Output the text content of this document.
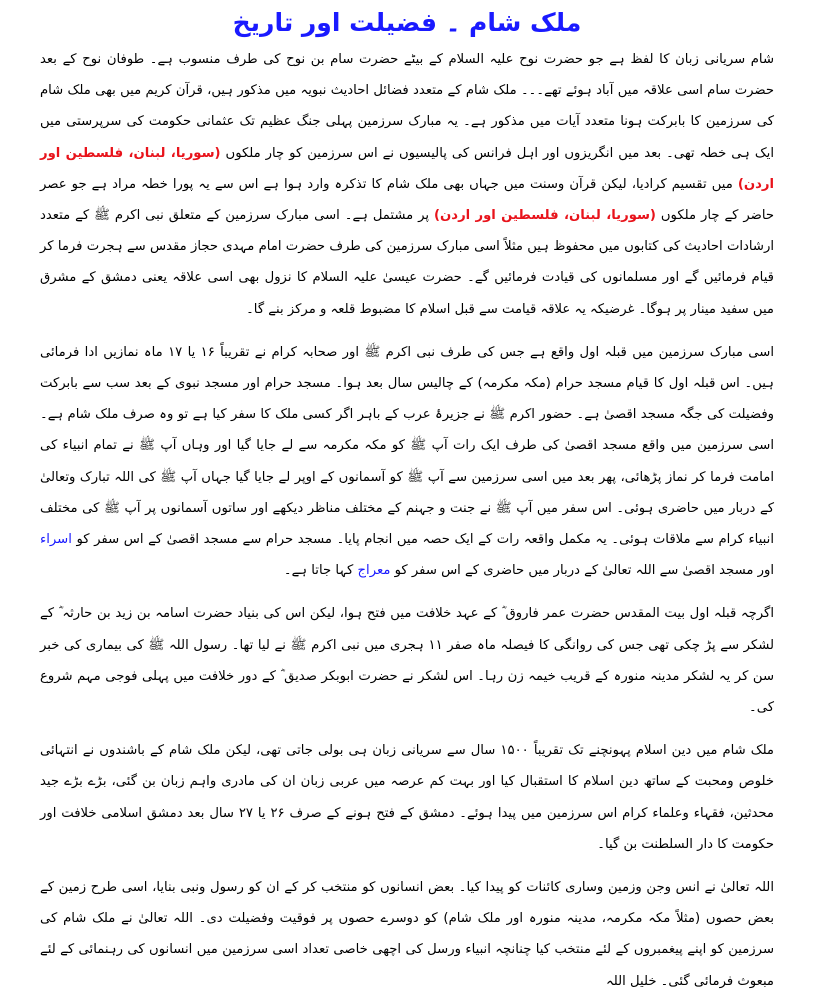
ملک شام ۔ فضیلت اور تاریخ

شام سریانی زبان کا لفظ ہے جو حضرت نوح علیہ السلام کے بیٹے حضرت سام بن نوح کی طرف منسوب ہے۔ طوفان نوح کے بعد حضرت سام اسی علاقہ میں آباد ہوئے تھے۔۔۔ ملک شام کے متعدد فضائل احادیث نبویہ میں مذکور ہیں، قرآن کریم میں بھی ملک شام کی سرزمین کا بابرکت ہونا متعدد آیات میں مذکور ہے۔ یہ مبارک سرزمین پہلی جنگ عظیم تک عثمانی حکومت کی سرپرستی میں ایک ہی خطہ تھی۔ بعد میں انگریزوں اور اہل فرانس کی پالیسیوں نے اس سرزمین کو چار ملکوں (سوریا، لبنان، فلسطین اور اردن) میں تقسیم کرادیا، لیکن قرآن وسنت میں جہاں بھی ملک شام کا تذکرہ وارد ہوا ہے اس سے یہ پورا خطہ مراد ہے جو عصر حاضر کے چار ملکوں (سوریا، لبنان، فلسطین اور اردن) پر مشتمل ہے۔ اسی مبارک سرزمین کے متعلق نبی اکرم ﷺ کے متعدد ارشادات احادیث کی کتابوں میں محفوظ ہیں مثلاً اسی مبارک سرزمین کی طرف حضرت امام مہدی حجاز مقدس سے ہجرت فرما کر قیام فرمائیں گے اور مسلمانوں کی قیادت فرمائیں گے۔ حضرت عیسیٰ علیہ السلام کا نزول بھی اسی علاقہ یعنی دمشق کے مشرق میں سفید مینار پر ہوگا۔ غرضیکہ یہ علاقہ قیامت سے قبل اسلام کا مضبوط قلعہ و مرکز بنے گا۔

اسی مبارک سرزمین میں قبلہ اول واقع ہے جس کی طرف نبی اکرم ﷺ اور صحابہ کرام نے تقریباً ۱۶ یا ۱۷ ماہ نمازیں ادا فرمائی ہیں۔ اس قبلہ اول کا قیام مسجد حرام (مکہ مکرمہ) کے چالیس سال بعد ہوا۔ مسجد حرام اور مسجد نبوی کے بعد سب سے بابرکت وفضیلت کی جگہ مسجد اقصیٰ ہے۔ حضور اکرم ﷺ نے جزیرۂ عرب کے باہر اگر کسی ملک کا سفر کیا ہے تو وہ صرف ملک شام ہے۔ اسی سرزمین میں واقع مسجد اقصیٰ کی طرف ایک رات آپ ﷺ کو مکہ مکرمہ سے لے جایا گیا اور وہاں آپ ﷺ نے تمام انبیاء کی امامت فرما کر نماز پڑھائی، پھر بعد میں اسی سرزمین سے آپ ﷺ کو آسمانوں کے اوپر لے جایا گیا جہاں آپ ﷺ کی اللہ تبارک وتعالیٰ کے دربار میں حاضری ہوئی۔ اس سفر میں آپ ﷺ نے جنت و جہنم کے مختلف مناظر دیکھے اور ساتوں آسمانوں پر آپ ﷺ کی مختلف انبیاء کرام سے ملاقات ہوئی۔ یہ مکمل واقعہ رات کے ایک حصہ میں انجام پایا۔ مسجد حرام سے مسجد اقصیٰ کے اس سفر کو اسراء اور مسجد اقصیٰ سے اللہ تعالیٰ کے دربار میں حاضری کے اس سفر کو معراج کہا جاتا ہے۔

اگرچہ قبلہ اول بیت المقدس حضرت عمر فاروق ؓ کے عہد خلافت میں فتح ہوا، لیکن اس کی بنیاد حضرت اسامہ بن زید بن حارثہ ؓ کے لشکر سے پڑ چکی تھی جس کی روانگی کا فیصلہ ماہ صفر ۱۱ ہجری میں نبی اکرم ﷺ نے لیا تھا۔ رسول اللہ ﷺ کی بیماری کی خبر سن کر یہ لشکر مدینہ منورہ کے قریب خیمہ زن رہا۔ اس لشکر نے حضرت ابوبکر صدیق ؓ کے دور خلافت میں پہلی فوجی مہم شروع کی۔

ملک شام میں دین اسلام پہونچنے تک تقریباً ۱۵۰۰ سال سے سریانی زبان ہی بولی جاتی تھی، لیکن ملک شام کے باشندوں نے انتہائی خلوص ومحبت کے ساتھ دین اسلام کا استقبال کیا اور بہت کم عرصہ میں عربی زبان ان کی مادری واہم زبان بن گئی، بڑے بڑے جید محدثین، فقہاء وعلماء کرام اس سرزمین میں پیدا ہوئے۔ دمشق کے فتح ہونے کے صرف ۲۶ یا ۲۷ سال بعد دمشق اسلامی خلافت اور حکومت کا دار السلطنت بن گیا۔

اللہ تعالیٰ نے انس وجن وزمین وساری کائنات کو پیدا کیا۔ بعض انسانوں کو منتخب کر کے ان کو رسول ونبی بنایا، اسی طرح زمین کے بعض حصوں (مثلاً مکہ مکرمہ، مدینہ منورہ اور ملک شام) کو دوسرے حصوں پر فوقیت وفضیلت دی۔ اللہ تعالیٰ نے ملک شام کی سرزمین کو اپنے پیغمبروں کے لئے منتخب کیا چنانچہ انبیاء ورسل کی اچھی خاصی تعداد اسی سرزمین میں انسانوں کی رہنمائی کے لئے مبعوث فرمائی گئی۔ خلیل اللہ
